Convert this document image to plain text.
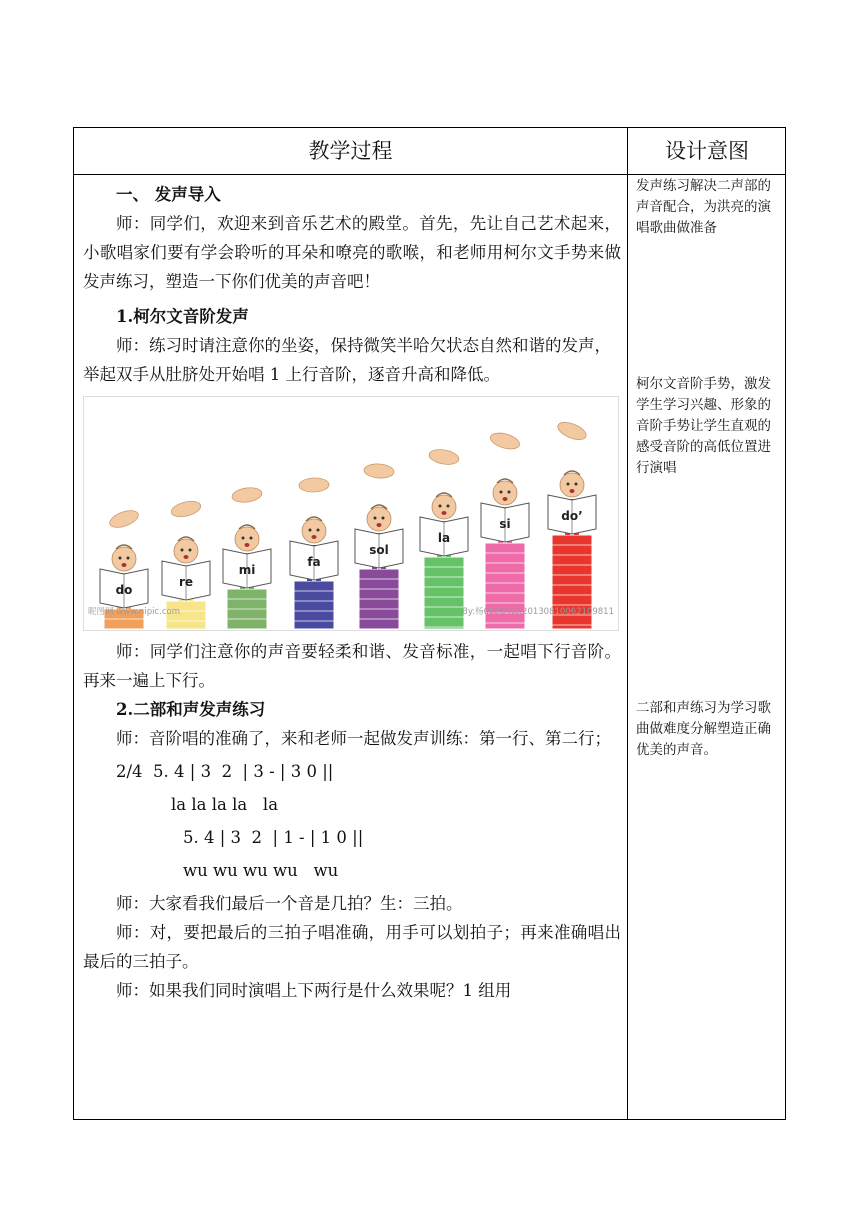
教学过程	设计意图

一、 发声导入

师：同学们，欢迎来到音乐艺术的殿堂。首先，先让自己艺术起来，小歌唱家们要有学会聆听的耳朵和嘹亮的歌喉，和老师用柯尔文手势来做发声练习，塑造一下你们优美的声音吧！

1.柯尔文音阶发声

师：练习时请注意你的坐姿，保持微笑半哈欠状态自然和谐的发声，

举起双手从肚脐处开始唱 1 上行音阶，逐音升高和降低。

do
re
mi
fa
sol
la
si
do’
昵图网 www.nipic.com	By:杨0028 No.20130810062109811

师：同学们注意你的声音要轻柔和谐、发音标准，一起唱下行音阶。 再来一遍上下行。

2.二部和声发声练习

师：音阶唱的准确了，来和老师一起做发声训练：第一行、第二行；

2/4  5. 4 | 3  2  | 3 - | 3 0 ||

la la la la   la

5. 4 | 3  2  | 1 - | 1 0 ||

wu wu wu wu   wu

师：大家看我们最后一个音是几拍？生：三拍。

师：对，要把最后的三拍子唱准确，用手可以划拍子；再来准确唱出最后的三拍子。

师：如果我们同时演唱上下两行是什么效果呢？1 组用

发声练习解决二声部的声音配合，为洪亮的演唱歌曲做准备

柯尔文音阶手势，激发学生学习兴趣、形象的音阶手势让学生直观的感受音阶的高低位置进行演唱

二部和声练习为学习歌曲做难度分解塑造正确优美的声音。
